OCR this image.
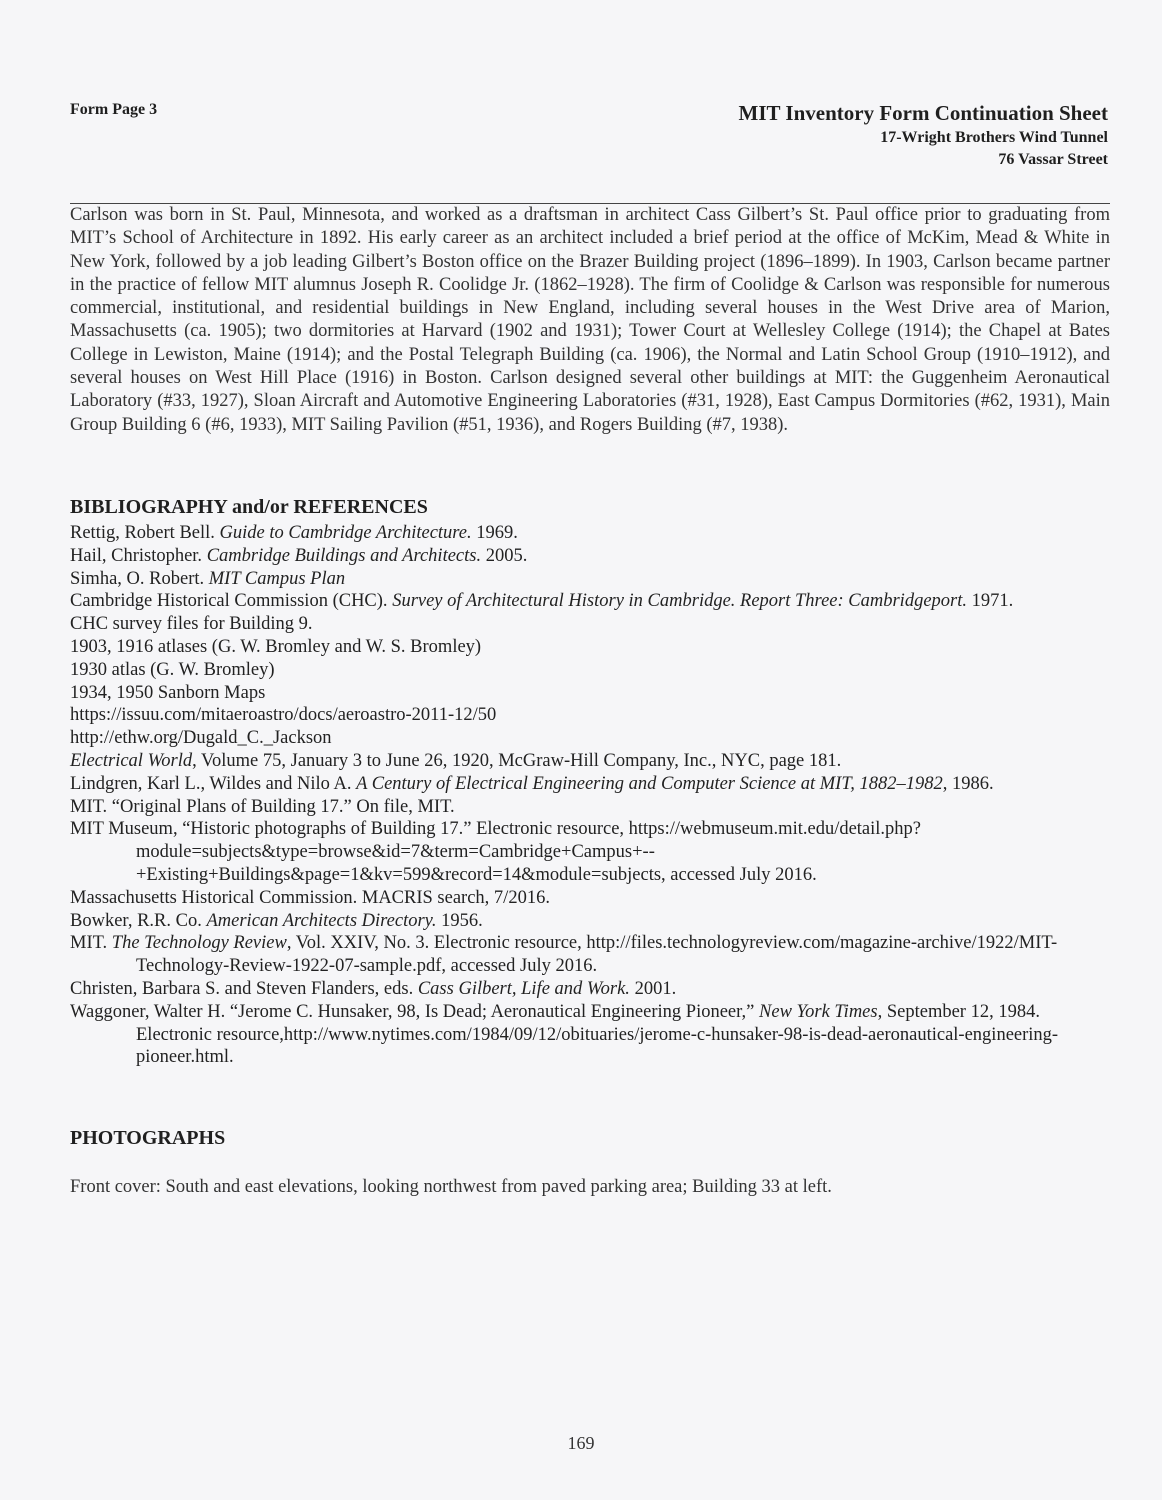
Form Page 3	MIT Inventory Form Continuation Sheet
17-Wright Brothers Wind Tunnel
76 Vassar Street
Carlson was born in St. Paul, Minnesota, and worked as a draftsman in architect Cass Gilbert’s St. Paul office prior to graduating from MIT’s School of Architecture in 1892. His early career as an architect included a brief period at the office of McKim, Mead & White in New York, followed by a job leading Gilbert’s Boston office on the Brazer Building project (1896–1899). In 1903, Carlson became partner in the practice of fellow MIT alumnus Joseph R. Coolidge Jr. (1862–1928). The firm of Coolidge & Carlson was responsible for numerous commercial, institutional, and residential buildings in New England, including several houses in the West Drive area of Marion, Massachusetts (ca. 1905); two dormitories at Harvard (1902 and 1931); Tower Court at Wellesley College (1914); the Chapel at Bates College in Lewiston, Maine (1914); and the Postal Telegraph Building (ca. 1906), the Normal and Latin School Group (1910–1912), and several houses on West Hill Place (1916) in Boston. Carlson designed several other buildings at MIT: the Guggenheim Aeronautical Laboratory (#33, 1927), Sloan Aircraft and Automotive Engineering Laboratories (#31, 1928), East Campus Dormitories (#62, 1931), Main Group Building 6 (#6, 1933), MIT Sailing Pavilion (#51, 1936), and Rogers Building (#7, 1938).
BIBLIOGRAPHY and/or REFERENCES
Rettig, Robert Bell. Guide to Cambridge Architecture. 1969.
Hail, Christopher. Cambridge Buildings and Architects. 2005.
Simha, O. Robert. MIT Campus Plan
Cambridge Historical Commission (CHC). Survey of Architectural History in Cambridge. Report Three: Cambridgeport. 1971.
CHC survey files for Building 9.
1903, 1916 atlases (G. W. Bromley and W. S. Bromley)
1930 atlas (G. W. Bromley)
1934, 1950 Sanborn Maps
https://issuu.com/mitaeroastro/docs/aeroastro-2011-12/50
http://ethw.org/Dugald_C._Jackson
Electrical World, Volume 75, January 3 to June 26, 1920, McGraw-Hill Company, Inc., NYC, page 181.
Lindgren, Karl L., Wildes and Nilo A. A Century of Electrical Engineering and Computer Science at MIT, 1882–1982, 1986.
MIT. “Original Plans of Building 17.” On file, MIT.
MIT Museum, “Historic photographs of Building 17.” Electronic resource, https://webmuseum.mit.edu/detail.php?module=subjects&type=browse&id=7&term=Cambridge+Campus+--+Existing+Buildings&page=1&kv=599&record=14&module=subjects, accessed July 2016.
Massachusetts Historical Commission. MACRIS search, 7/2016.
Bowker, R.R. Co. American Architects Directory. 1956.
MIT. The Technology Review, Vol. XXIV, No. 3. Electronic resource, http://files.technologyreview.com/magazine-archive/1922/MIT-Technology-Review-1922-07-sample.pdf, accessed July 2016.
Christen, Barbara S. and Steven Flanders, eds. Cass Gilbert, Life and Work. 2001.
Waggoner, Walter H. “Jerome C. Hunsaker, 98, Is Dead; Aeronautical Engineering Pioneer,” New York Times, September 12, 1984. Electronic resource,http://www.nytimes.com/1984/09/12/obituaries/jerome-c-hunsaker-98-is-dead-aeronautical-engineering-pioneer.html.
PHOTOGRAPHS
Front cover: South and east elevations, looking northwest from paved parking area; Building 33 at left.
169
